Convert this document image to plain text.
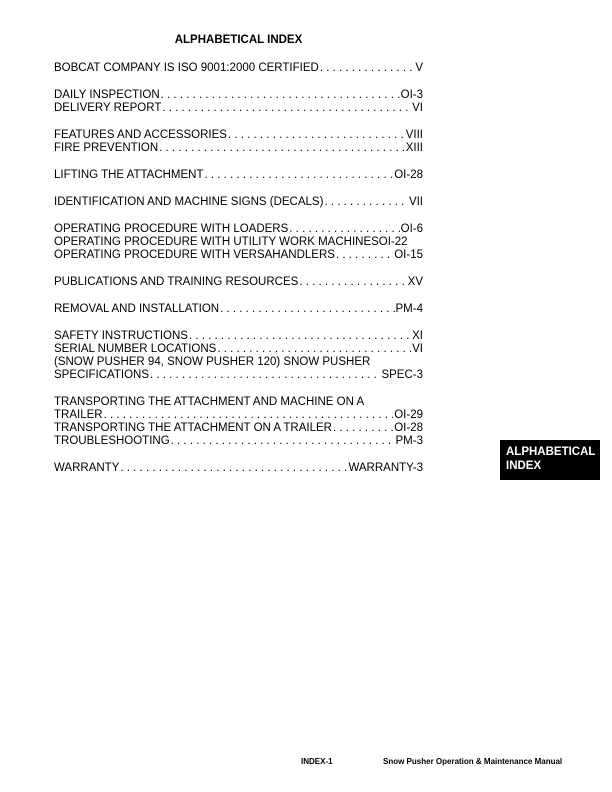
ALPHABETICAL INDEX
BOBCAT COMPANY IS ISO 9001:2000 CERTIFIED . . .	V
DAILY INSPECTION . . .	OI-3
DELIVERY REPORT . . .	VI
FEATURES AND ACCESSORIES . . .	VIII
FIRE PREVENTION . . .	XIII
LIFTING THE ATTACHMENT . . .	OI-28
IDENTIFICATION AND MACHINE SIGNS (DECALS) . . .	VII
OPERATING PROCEDURE WITH LOADERS . . .	OI-6
OPERATING PROCEDURE WITH UTILITY WORK MACHINES OI-22
OPERATING PROCEDURE WITH VERSAHANDLERS . . .	OI-15
PUBLICATIONS AND TRAINING RESOURCES . . .	XV
REMOVAL AND INSTALLATION . . .	PM-4
SAFETY INSTRUCTIONS . . .	XI
SERIAL NUMBER LOCATIONS . . .	VI
(SNOW PUSHER 94, SNOW PUSHER 120) SNOW PUSHER
SPECIFICATIONS . . .	SPEC-3
TRANSPORTING THE ATTACHMENT AND MACHINE ON A
TRAILER . . .	OI-29
TRANSPORTING THE ATTACHMENT ON A TRAILER . . .	OI-28
TROUBLESHOOTING . . .	PM-3
WARRANTY . . .	WARRANTY-3
ALPHABETICAL
INDEX
INDEX-1	Snow Pusher Operation & Maintenance Manual
